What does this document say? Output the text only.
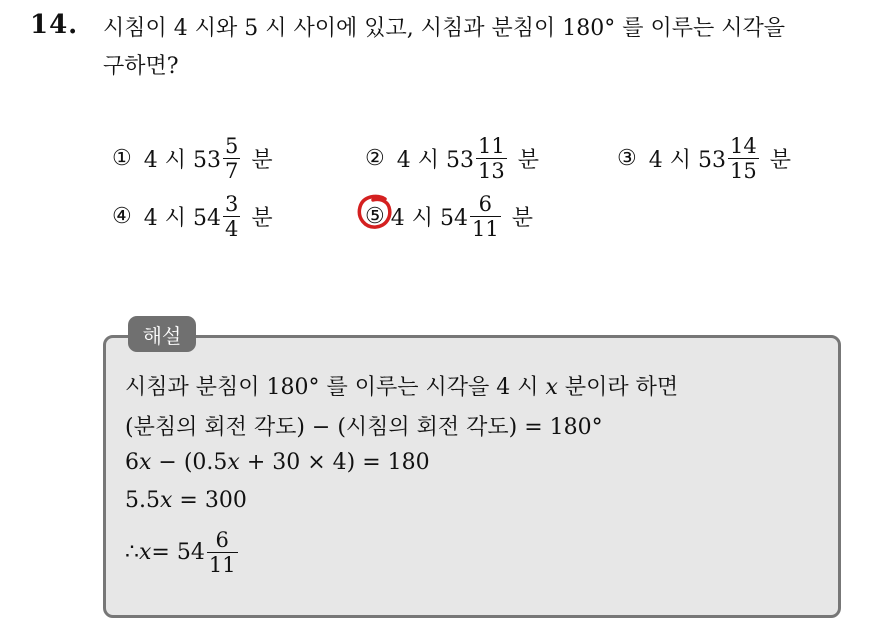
14. 시침이 4 시와 5 시 사이에 있고, 시침과 분침이 180° 를 이루는 시각을
구하면?
① 4 시 $53 \frac{5}{7}$ 분	② 4 시 $53 \frac{11}{13}$ 분	③ 4 시 $53 \frac{14}{15}$ 분
④ 4 시 $54 \frac{3}{4}$ 분	⑤ 4 시 $54 \frac{6}{11}$ 분
해설
시침과 분침이 180° 를 이루는 시각을 4 시 x 분이라 하면
(분침의 회전 각도) − (시침의 회전 각도) = 180°
6x − (0.5x + 30 × 4) = 180
5.5x = 300
∴ $x = 54 \frac{6}{11}$
